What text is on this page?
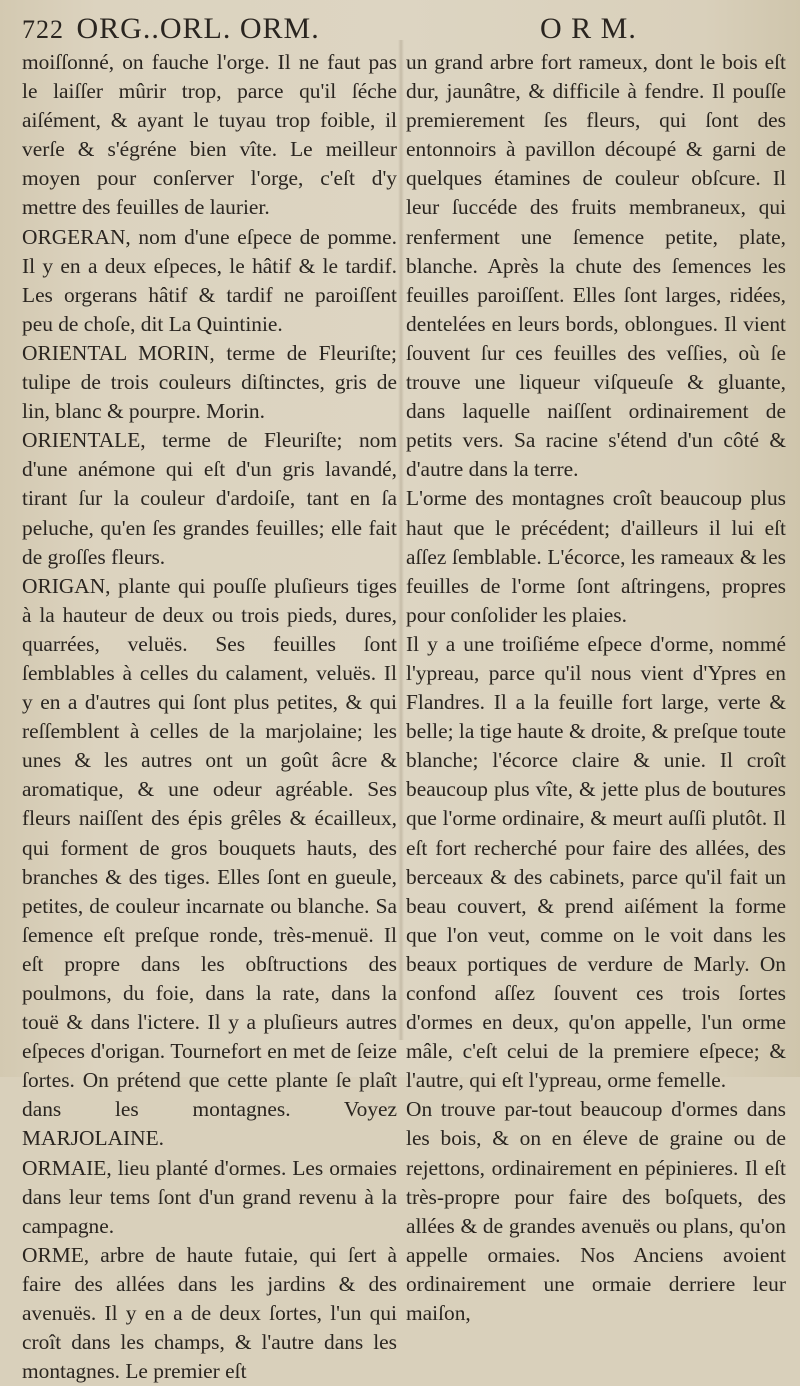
722 ORG..ORL. ORM.	O R M.

moiſſonné, on fauche l'orge. Il ne faut pas le laiſſer mûrir trop, parce qu'il ſéche aiſément, & ayant le tuyau trop foible, il verſe & s'égréne bien vîte. Le meilleur moyen pour conſerver l'orge, c'eſt d'y mettre des feuilles de laurier.

ORGERAN, nom d'une eſpece de pomme. Il y en a deux eſpeces, le hâtif & le tardif. Les orgerans hâtif & tardif ne paroiſſent peu de choſe, dit La Quintinie.

ORIENTAL MORIN, terme de Fleuriſte; tulipe de trois couleurs diſtinctes, gris de lin, blanc & pourpre. Morin.

ORIENTALE, terme de Fleuriſte; nom d'une anémone qui eſt d'un gris lavandé, tirant ſur la couleur d'ardoiſe, tant en ſa peluche, qu'en ſes grandes feuilles; elle fait de groſſes fleurs.

ORIGAN, plante qui pouſſe pluſieurs tiges à la hauteur de deux ou trois pieds, dures, quarrées, veluës. Ses feuilles ſont ſemblables à celles du calament, veluës. Il y en a d'autres qui ſont plus petites, & qui reſſemblent à celles de la marjolaine; les unes & les autres ont un goût âcre & aromatique, & une odeur agréable. Ses fleurs naiſſent des épis grêles & écailleux, qui forment de gros bouquets hauts, des branches & des tiges. Elles ſont en gueule, petites, de couleur incarnate ou blanche. Sa ſemence eſt preſque ronde, très-menuë. Il eſt propre dans les obſtructions des poulmons, du foie, dans la rate, dans la touë & dans l'ictere. Il y a pluſieurs autres eſpeces d'origan. Tournefort en met de ſeize ſortes. On prétend que cette plante ſe plaît dans les montagnes. Voyez MARJOLAINE.

ORMAIE, lieu planté d'ormes. Les ormaies dans leur tems ſont d'un grand revenu à la campagne.

ORME, arbre de haute futaie, qui ſert à faire des allées dans les jardins & des avenuës. Il y en a de deux ſortes, l'un qui croît dans les champs, & l'autre dans les montagnes. Le premier eſt

un grand arbre fort rameux, dont le bois eſt dur, jaunâtre, & difficile à fendre. Il pouſſe premierement ſes fleurs, qui ſont des entonnoirs à pavillon découpé & garni de quelques étamines de couleur obſcure. Il leur ſuccéde des fruits membraneux, qui renferment une ſemence petite, plate, blanche. Après la chute des ſemences les feuilles paroiſſent. Elles ſont larges, ridées, dentelées en leurs bords, oblongues. Il vient ſouvent ſur ces feuilles des veſſies, où ſe trouve une liqueur viſqueuſe & gluante, dans laquelle naiſſent ordinairement de petits vers. Sa racine s'étend d'un côté & d'autre dans la terre.

L'orme des montagnes croît beaucoup plus haut que le précédent; d'ailleurs il lui eſt aſſez ſemblable. L'écorce, les rameaux & les feuilles de l'orme ſont aſtringens, propres pour conſolider les plaies.

Il y a une troiſiéme eſpece d'orme, nommé l'ypreau, parce qu'il nous vient d'Ypres en Flandres. Il a la feuille fort large, verte & belle; la tige haute & droite, & preſque toute blanche; l'écorce claire & unie. Il croît beaucoup plus vîte, & jette plus de boutures que l'orme ordinaire, & meurt auſſi plutôt. Il eſt fort recherché pour faire des allées, des berceaux & des cabinets, parce qu'il fait un beau couvert, & prend aiſément la forme que l'on veut, comme on le voit dans les beaux portiques de verdure de Marly. On confond aſſez ſouvent ces trois ſortes d'ormes en deux, qu'on appelle, l'un orme mâle, c'eſt celui de la premiere eſpece; & l'autre, qui eſt l'ypreau, orme femelle.

On trouve par-tout beaucoup d'ormes dans les bois, & on en éleve de graine ou de rejettons, ordinairement en pépinieres. Il eſt très-propre pour faire des boſquets, des allées & de grandes avenuës ou plans, qu'on appelle ormaies. Nos Anciens avoient ordinairement une ormaie derriere leur maiſon,
